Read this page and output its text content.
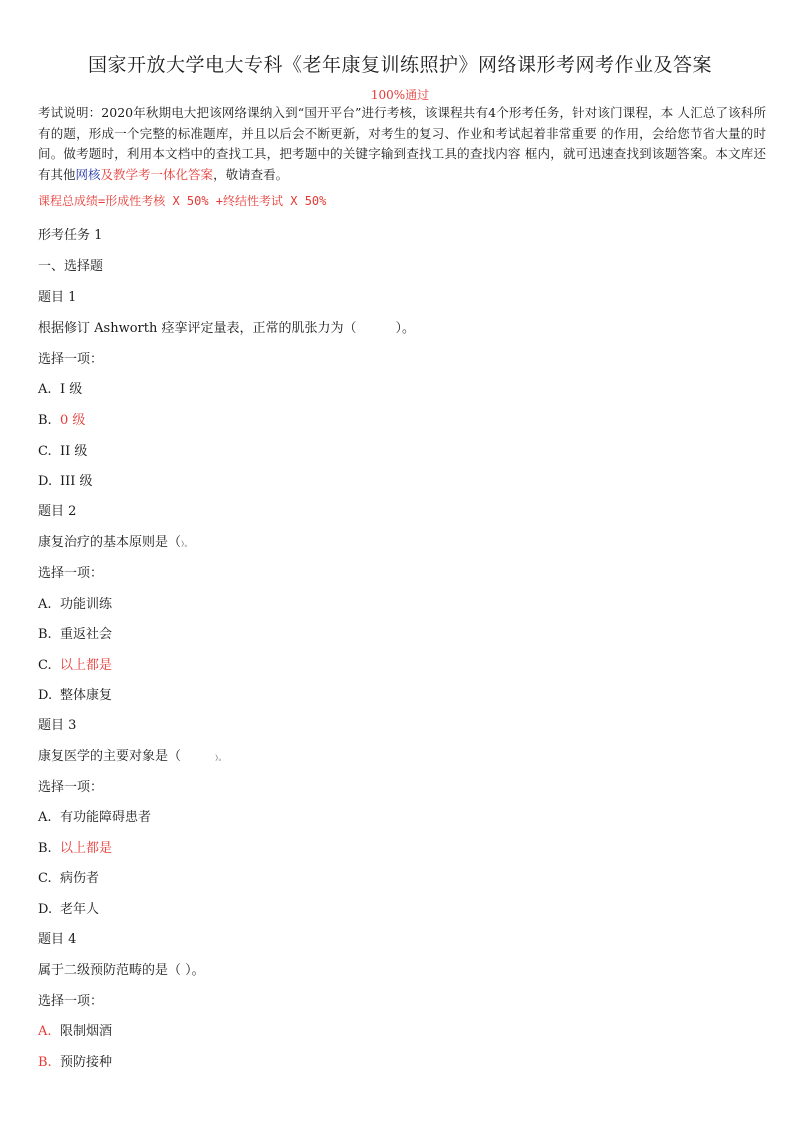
国家开放大学电大专科《老年康复训练照护》网络课形考网考作业及答案
100%通过
考试说明：2020年秋期电大把该网络课纳入到“国开平台”进行考核，该课程共有4个形考任务，针对该门课程，本 人汇总了该科所有的题，形成一个完整的标准题库，并且以后会不断更新，对考生的复习、作业和考试起着非常重要 的作用，会给您节省大量的时间。做考题时，利用本文档中的查找工具，把考题中的关键字输到查找工具的查找内容 框内，就可迅速查找到该题答案。本文库还有其他网核及教学考一体化答案，敬请查看。
课程总成绩=形成性考核 X 50% +终结性考试 X 50%
形考任务 1
一、选择题
题目 1
根据修订 Ashworth 痉挛评定量表，正常的肌张力为（　　　）。
选择一项：
A. I 级
B. 0 级
C. II 级
D. III 级
题目 2
康复治疗的基本原则是（）。
选择一项：
A. 功能训练
B. 重返社会
C. 以上都是
D. 整体康复
题目 3
康复医学的主要对象是（	）。
选择一项：
A. 有功能障碍患者
B. 以上都是
C. 病伤者
D. 老年人
题目 4
属于二级预防范畴的是（ ）。
选择一项：
A. 限制烟酒
B. 预防接种
